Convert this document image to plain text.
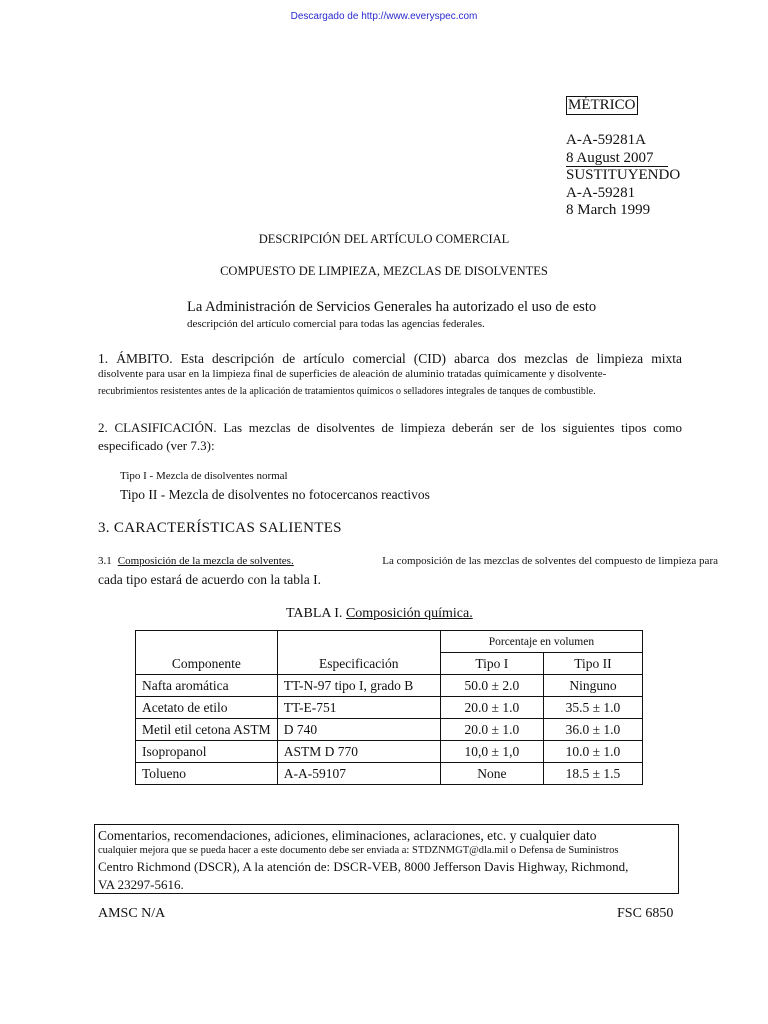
Descargado de http://www.everyspec.com
MÉTRICO
A-A-59281A
8 August 2007
SUSTITUYENDO
A-A-59281
8 March 1999
DESCRIPCIÓN DEL ARTÍCULO COMERCIAL
COMPUESTO DE LIMPIEZA, MEZCLAS DE DISOLVENTES
La Administración de Servicios Generales ha autorizado el uso de esto
descripción del artículo comercial para todas las agencias federales.
1. ÁMBITO. Esta descripción de artículo comercial (CID) abarca dos mezclas de limpieza mixta
disolvente para usar en la limpieza final de superficies de aleación de aluminio tratadas químicamente y disolvente-
recubrimientos resistentes antes de la aplicación de tratamientos químicos o selladores integrales de tanques de combustible.
2. CLASIFICACIÓN. Las mezclas de disolventes de limpieza deberán ser de los siguientes tipos como
especificado (ver 7.3):
Tipo I - Mezcla de disolventes normal
Tipo II - Mezcla de disolventes no fotocercanos reactivos
3. CARACTERÍSTICAS SALIENTES
3.1 Composición de la mezcla de solventes.	La composición de las mezclas de solventes del compuesto de limpieza para
cada tipo estará de acuerdo con la tabla I.
TABLA I. Composición química.
Componente	Especificación	Porcentaje en volumen	
		Tipo I	Tipo II
Nafta aromática	TT-N-97 tipo I, grado B	50.0 ± 2.0	Ninguno
Acetato de etilo	TT-E-751	20.0 ± 1.0	35.5 ± 1.0
Metil etil cetona ASTM	D 740	20.0 ± 1.0	36.0 ± 1.0
Isopropanol	ASTM D 770	10,0 ± 1,0	10.0 ± 1.0
Tolueno	A-A-59107	None	18.5 ± 1.5
Comentarios, recomendaciones, adiciones, eliminaciones, aclaraciones, etc. y cualquier dato
cualquier mejora que se pueda hacer a este documento debe ser enviada a: STDZNMGT@dla.mil o Defensa de Suministros
Centro Richmond (DSCR), A la atención de: DSCR-VEB, 8000 Jefferson Davis Highway, Richmond,
VA 23297-5616.
AMSC N/A	FSC 6850
